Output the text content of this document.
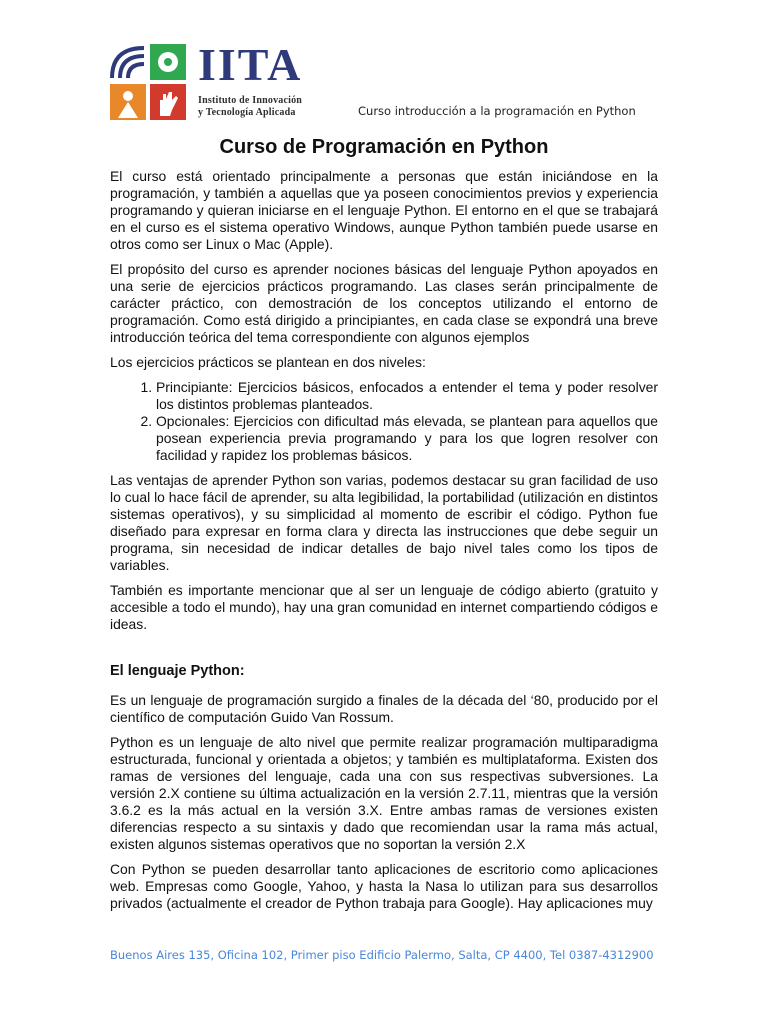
IITA
Instituto de Innovación
y Tecnología Aplicada	Curso introducción a la programación en Python
Curso de Programación en Python

El curso está orientado principalmente a personas que están iniciándose en la programación, y también a aquellas que ya poseen conocimientos previos y experiencia programando y quieran iniciarse en el lenguaje Python. El entorno en el que se trabajará en el curso es el sistema operativo Windows, aunque Python también puede usarse en otros como ser Linux o Mac (Apple).

El propósito del curso es aprender nociones básicas del lenguaje Python apoyados en una serie de ejercicios prácticos programando. Las clases serán principalmente de carácter práctico, con demostración de los conceptos utilizando el entorno de programación. Como está dirigido a principiantes, en cada clase se expondrá una breve introducción teórica del tema correspondiente con algunos ejemplos

Los ejercicios prácticos se plantean en dos niveles:

1. Principiante: Ejercicios básicos, enfocados a entender el tema y poder resolver los distintos problemas planteados.
2. Opcionales: Ejercicios con dificultad más elevada, se plantean para aquellos que posean experiencia previa programando y para los que logren resolver con facilidad y rapidez los problemas básicos.

Las ventajas de aprender Python son varias, podemos destacar su gran facilidad de uso lo cual lo hace fácil de aprender, su alta legibilidad, la portabilidad (utilización en distintos sistemas operativos), y su simplicidad al momento de escribir el código. Python fue diseñado para expresar en forma clara y directa las instrucciones que debe seguir un programa, sin necesidad de indicar detalles de bajo nivel tales como los tipos de variables.

También es importante mencionar que al ser un lenguaje de código abierto (gratuito y accesible a todo el mundo), hay una gran comunidad en internet compartiendo códigos e ideas.

El lenguaje Python:

Es un lenguaje de programación surgido a finales de la década del ‘80, producido por el científico de computación Guido Van Rossum.

Python es un lenguaje de alto nivel que permite realizar programación multiparadigma estructurada, funcional y orientada a objetos; y también es multiplataforma. Existen dos ramas de versiones del lenguaje, cada una con sus respectivas subversiones. La versión 2.X contiene su última actualización en la versión 2.7.11, mientras que la versión 3.6.2 es la más actual en la versión 3.X. Entre ambas ramas de versiones existen diferencias respecto a su sintaxis y dado que recomiendan usar la rama más actual, existen algunos sistemas operativos que no soportan la versión 2.X

Con Python se pueden desarrollar tanto aplicaciones de escritorio como aplicaciones web. Empresas como Google, Yahoo, y hasta la Nasa lo utilizan para sus desarrollos privados (actualmente el creador de Python trabaja para Google). Hay aplicaciones muy

Buenos Aires 135, Oficina 102, Primer piso Edificio Palermo, Salta, CP 4400, Tel 0387-4312900
